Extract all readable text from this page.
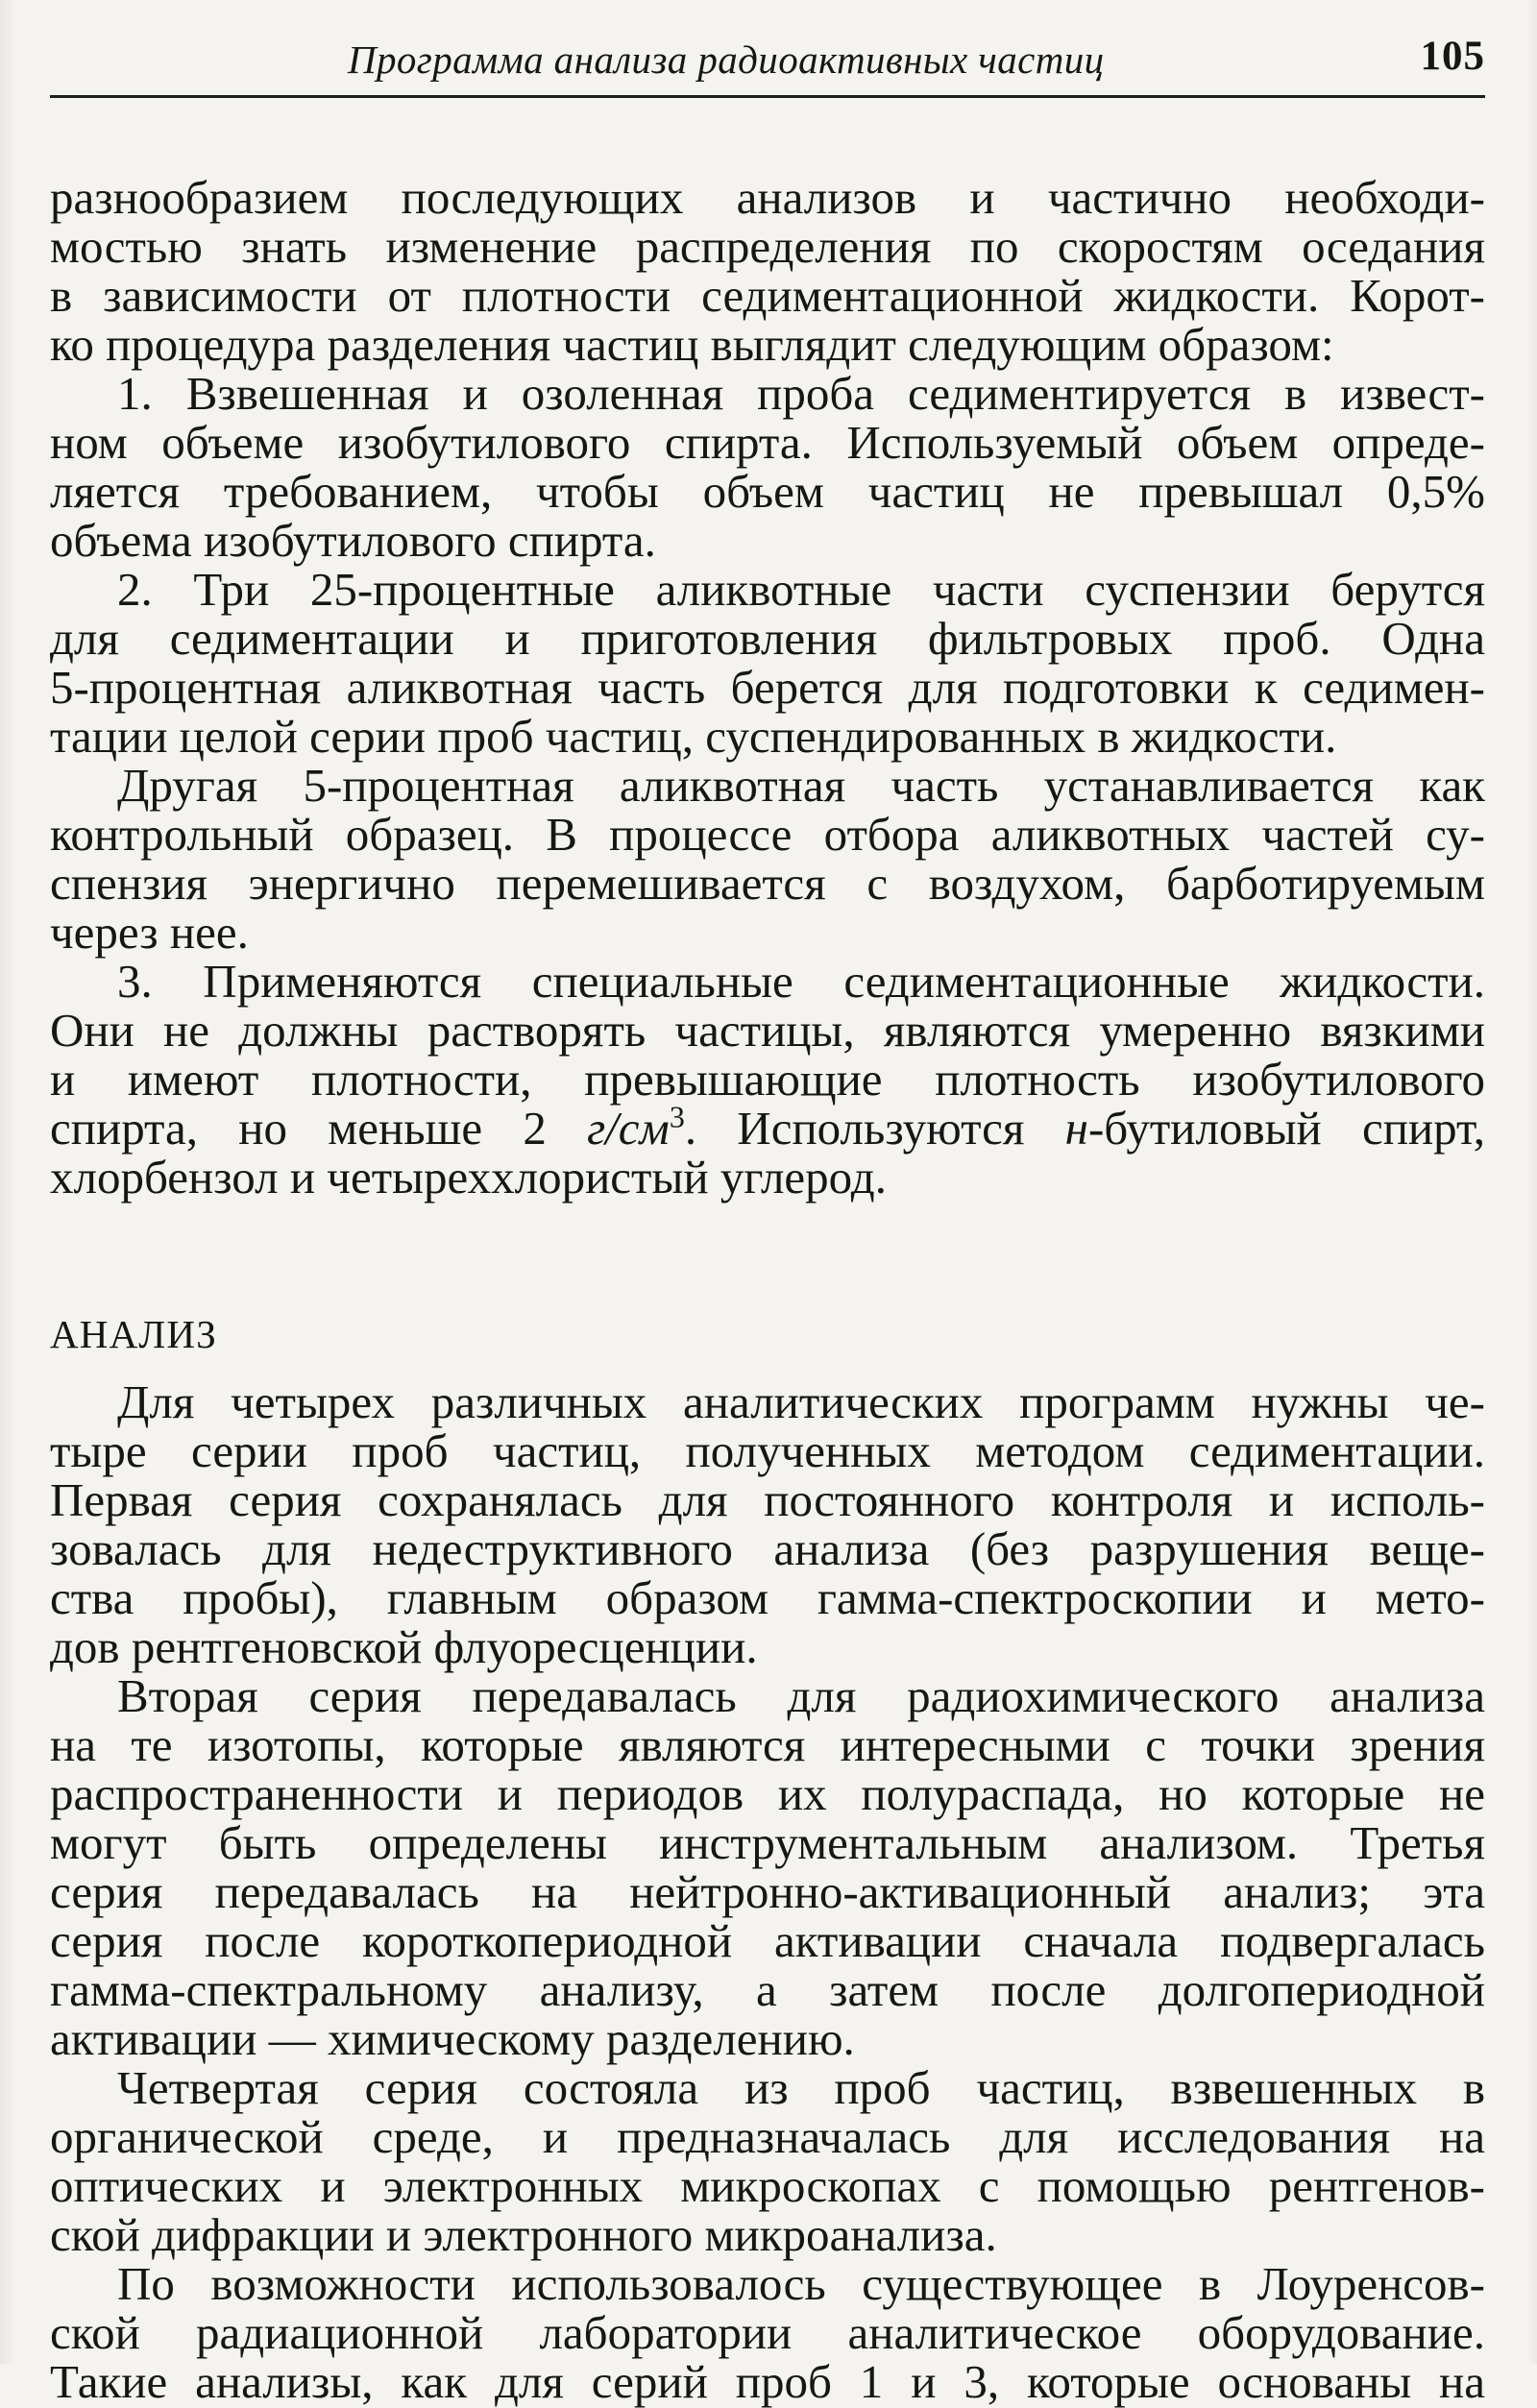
Программа анализа радиоактивных частиц	105
разнообразием последующих анализов и частично необходи-
мостью знать изменение распределения по скоростям оседания
в зависимости от плотности седиментационной жидкости. Корот-
ко процедура разделения частиц выглядит следующим образом:
1. Взвешенная и озоленная проба седиментируется в извест-
ном объеме изобутилового спирта. Используемый объем опреде-
ляется требованием, чтобы объем частиц не превышал 0,5%
объема изобутилового спирта.
2. Три 25-процентные аликвотные части суспензии берутся
для седиментации и приготовления фильтровых проб. Одна
5-процентная аликвотная часть берется для подготовки к седимен-
тации целой серии проб частиц, суспендированных в жидкости.
Другая 5-процентная аликвотная часть устанавливается как
контрольный образец. В процессе отбора аликвотных частей су-
спензия энергично перемешивается с воздухом, барботируемым
через нее.
3. Применяются специальные седиментационные жидкости.
Они не должны растворять частицы, являются умеренно вязкими
и имеют плотности, превышающие плотность изобутилового
спирта, но меньше 2 $г/см^3$. Используются н-бутиловый спирт,
хлорбензол и четыреххлористый углерод.
АНАЛИЗ
Для четырех различных аналитических программ нужны че-
тыре серии проб частиц, полученных методом седиментации.
Первая серия сохранялась для постоянного контроля и исполь-
зовалась для недеструктивного анализа (без разрушения веще-
ства пробы), главным образом гамма-спектроскопии и мето-
дов рентгеновской флуоресценции.
Вторая серия передавалась для радиохимического анализа
на те изотопы, которые являются интересными с точки зрения
распространенности и периодов их полураспада, но которые не
могут быть определены инструментальным анализом. Третья
серия передавалась на нейтронно-активационный анализ; эта
серия после короткопериодной активации сначала подвергалась
гамма-спектральному анализу, а затем после долгопериодной
активации — химическому разделению.
Четвертая серия состояла из проб частиц, взвешенных в
органической среде, и предназначалась для исследования на
оптических и электронных микроскопах с помощью рентгенов-
ской дифракции и электронного микроанализа.
По возможности использовалось существующее в Лоуренсов-
ской радиационной лаборатории аналитическое оборудование.
Такие анализы, как для серий проб 1 и 3, которые основаны на
